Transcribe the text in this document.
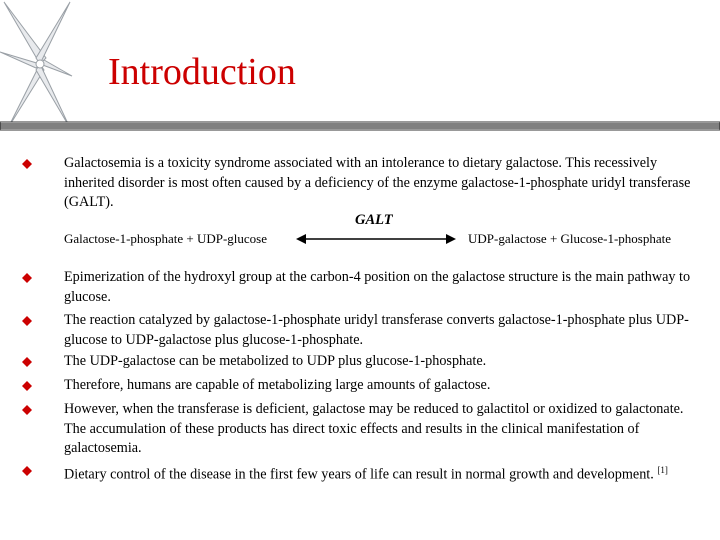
Introduction
Galactosemia is a toxicity syndrome associated with an intolerance to dietary galactose. This recessively inherited disorder is most often caused by a deficiency of the enzyme galactose-1-phosphate uridyl transferase (GALT).
GALT
Galactose-1-phosphate + UDP-glucose	UDP-galactose + Glucose-1-phosphate
Epimerization of the hydroxyl group at the carbon-4 position on the galactose structure is the main pathway to glucose.
The reaction catalyzed by galactose-1-phosphate uridyl transferase converts galactose-1-phosphate plus UDP-glucose to UDP-galactose plus glucose-1-phosphate.
The UDP-galactose can be metabolized to UDP plus glucose-1-phosphate.
Therefore, humans are capable of metabolizing large amounts of galactose.
However, when the transferase is deficient, galactose may be reduced to galactitol or oxidized to galactonate. The accumulation of these products has direct toxic effects and results in the clinical manifestation of galactosemia.
Dietary control of the disease in the first few years of life can result in normal growth and development. [1]
